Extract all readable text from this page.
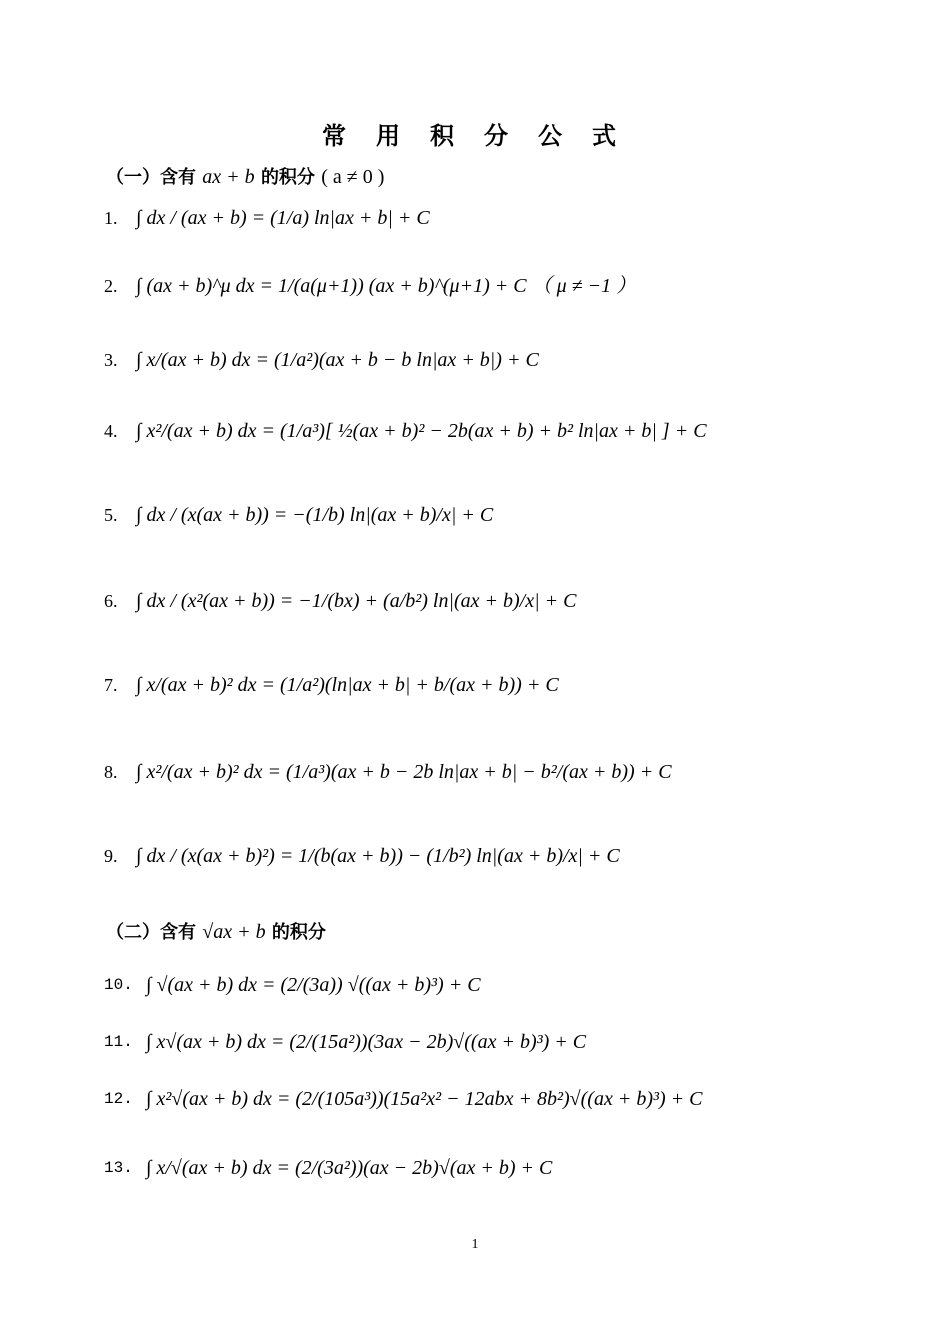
常 用 积 分 公 式
（一）含有 ax + b 的积分 ( a ≠ 0 )
1. ∫ dx / (ax + b) = (1/a) ln|ax + b| + C
2. ∫ (ax + b)^μ dx = 1/(a(μ+1)) (ax + b)^(μ+1) + C （ μ ≠ −1 ）
3. ∫ x/(ax + b) dx = (1/a²)(ax + b − b ln|ax + b|) + C
4. ∫ x²/(ax + b) dx = (1/a³)[ ½(ax + b)² − 2b(ax + b) + b² ln|ax + b| ] + C
5. ∫ dx / (x(ax + b)) = −(1/b) ln|(ax + b)/x| + C
6. ∫ dx / (x²(ax + b)) = −1/(bx) + (a/b²) ln|(ax + b)/x| + C
7. ∫ x/(ax + b)² dx = (1/a²)(ln|ax + b| + b/(ax + b)) + C
8. ∫ x²/(ax + b)² dx = (1/a³)(ax + b − 2b ln|ax + b| − b²/(ax + b)) + C
9. ∫ dx / (x(ax + b)²) = 1/(b(ax + b)) − (1/b²) ln|(ax + b)/x| + C
（二）含有 √ax + b 的积分
10. ∫ √(ax + b) dx = (2/(3a)) √((ax + b)³) + C
11. ∫ x√(ax + b) dx = (2/(15a²))(3ax − 2b)√((ax + b)³) + C
12. ∫ x²√(ax + b) dx = (2/(105a³))(15a²x² − 12abx + 8b²)√((ax + b)³) + C
13. ∫ x/√(ax + b) dx = (2/(3a²))(ax − 2b)√(ax + b) + C
1
